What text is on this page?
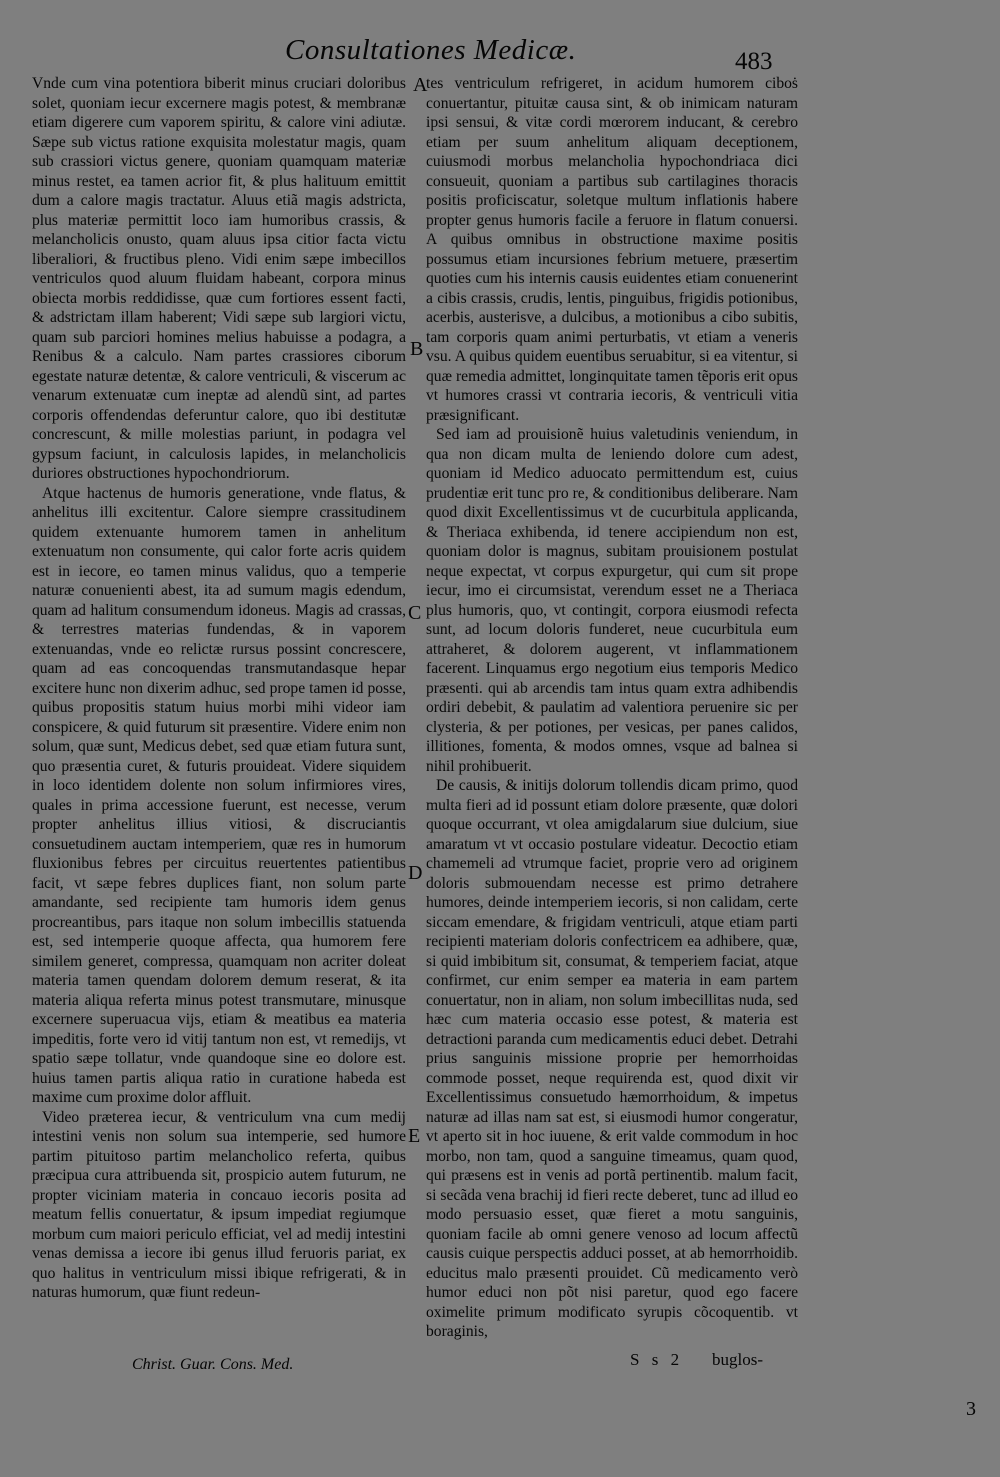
Consultationes Medicæ.	483

Vnde cum vina potentiora biberit minus cruciari doloribus solet, quoniam iecur excernere magis potest, & membranæ etiam digerere cum vaporem spiritu, & calore vini adiutæ. Sæpe sub victus ratione exquisita molestatur magis, quam sub crassiori victus genere, quoniam quamquam materiæ minus restet, ea tamen acrior fit, & plus halituum emittit dum a calore magis tractatur. Aluus etiã magis adstricta, plus materiæ permittit loco iam humoribus crassis, & melancholicis onusto, quam aluus ipsa citior facta victu liberaliori, & fructibus pleno. Vidi enim sæpe imbecillos ventriculos quod aluum fluidam habeant, corpora minus obiecta morbis reddidisse, quæ cum fortiores essent facti, & adstrictam illam haberent; Vidi sæpe sub largiori victu, quam sub parciori homines melius habuisse a podagra, a Renibus & a calculo. Nam partes crassiores ciborum egestate naturæ detentæ, & calore ventriculi, & viscerum ac venarum extenuatæ cum ineptæ ad alendũ sint, ad partes corporis offendendas deferuntur calore, quo ibi destitutæ concrescunt, & mille molestias pariunt, in podagra vel gypsum faciunt, in calculosis lapides, in melancholicis duriores obstructiones hypochondriorum.

Atque hactenus de humoris generatione, vnde flatus, & anhelitus illi excitentur. Calore siempre crassitudinem quidem extenuante humorem tamen in anhelitum extenuatum non consumente, qui calor forte acris quidem est in iecore, eo tamen minus validus, quo a temperie naturæ conuenienti abest, ita ad sumum magis edendum, quam ad halitum consumendum idoneus. Magis ad crassas, & terrestres materias fundendas, & in vaporem extenuandas, vnde eo relictæ rursus possint concrescere, quam ad eas concoquendas transmutandasque hepar excitere hunc non dixerim adhuc, sed prope tamen id posse, quibus propositis statum huius morbi mihi videor iam conspicere, & quid futurum sit præsentire. Videre enim non solum, quæ sunt, Medicus debet, sed quæ etiam futura sunt, quo præsentia curet, & futuris prouideat. Videre siquidem in loco identidem dolente non solum infirmiores vires, quales in prima accessione fuerunt, est necesse, verum propter anhelitus illius vitiosi, & discruciantis consuetudinem auctam intemperiem, quæ res in humorum fluxionibus febres per circuitus reuertentes patientibus facit, vt sæpe febres duplices fiant, non solum parte amandante, sed recipiente tam humoris idem genus procreantibus, pars itaque non solum imbecillis statuenda est, sed intemperie quoque affecta, qua humorem fere similem generet, compressa, quamquam non acriter doleat materia tamen quendam dolorem demum reserat, & ita materia aliqua referta minus potest transmutare, minusque excernere superuacua vijs, etiam & meatibus ea materia impeditis, forte vero id vitij tantum non est, vt remedijs, vt spatio sæpe tollatur, vnde quandoque sine eo dolore est. huius tamen partis aliqua ratio in curatione habeda est maxime cum proxime dolor affluit.

Video præterea iecur, & ventriculum vna cum medij intestini venis non solum sua intemperie, sed humore partim pituitoso partim melancholico referta, quibus præcipua cura attribuenda sit, prospicio autem futurum, ne propter viciniam materia in concauo iecoris posita ad meatum fellis conuertatur, & ipsum impediat regiumque morbum cum maiori periculo efficiat, vel ad medij intestini venas demissa a iecore ibi genus illud feruoris pariat, ex quo halitus in ventriculum missi ibique refrigerati, & in naturas humorum, quæ fiunt redeun-

A
B
C
D
E

tes ventriculum refrigeret, in acidum humorem ciboṡ conuertantur, pituitæ causa sint, & ob inimicam naturam ipsi sensui, & vitæ cordi mœrorem inducant, & cerebro etiam per suum anhelitum aliquam deceptionem, cuiusmodi morbus melancholia hypochondriaca dici consueuit, quoniam a partibus sub cartilagines thoracis positis proficiscatur, soletque multum inflationis habere propter genus humoris facile a feruore in flatum conuersi. A quibus omnibus in obstructione maxime positis possumus etiam incursiones febrium metuere, præsertim quoties cum his internis causis euidentes etiam conuenerint a cibis crassis, crudis, lentis, pinguibus, frigidis potionibus, acerbis, austerisve, a dulcibus, a motionibus a cibo subitis, tam corporis quam animi perturbatis, vt etiam a veneris vsu. A quibus quidem euentibus seruabitur, si ea vitentur, si quæ remedia admittet, longinquitate tamen tẽporis erit opus vt humores crassi vt contraria iecoris, & ventriculi vitia præsignificant.

Sed iam ad prouisionẽ huius valetudinis veniendum, in qua non dicam multa de leniendo dolore cum adest, quoniam id Medico aduocato permittendum est, cuius prudentiæ erit tunc pro re, & conditionibus deliberare. Nam quod dixit Excellentissimus vt de cucurbitula applicanda, & Theriaca exhibenda, id tenere accipiendum non est, quoniam dolor is magnus, subitam prouisionem postulat neque expectat, vt corpus expurgetur, qui cum sit prope iecur, imo ei circumsistat, verendum esset ne a Theriaca plus humoris, quo, vt contingit, corpora eiusmodi refecta sunt, ad locum doloris funderet, neue cucurbitula eum attraheret, & dolorem augerent, vt inflammationem facerent. Linquamus ergo negotium eius temporis Medico præsenti. qui ab arcendis tam intus quam extra adhibendis ordiri debebit, & paulatim ad valentiora peruenire sic per clysteria, & per potiones, per vesicas, per panes calidos, illitiones, fomenta, & modos omnes, vsque ad balnea si nihil prohibuerit.

De causis, & initijs dolorum tollendis dicam primo, quod multa fieri ad id possunt etiam dolore præsente, quæ dolori quoque occurrant, vt olea amigdalarum siue dulcium, siue amaratum vt vt occasio postulare videatur. Decoctio etiam chamemeli ad vtrumque faciet, proprie vero ad originem doloris submouendam necesse est primo detrahere humores, deinde intemperiem iecoris, si non calidam, certe siccam emendare, & frigidam ventriculi, atque etiam parti recipienti materiam doloris confectricem ea adhibere, quæ, si quid imbibitum sit, consumat, & temperiem faciat, atque confirmet, cur enim semper ea materia in eam partem conuertatur, non in aliam, non solum imbecillitas nuda, sed hæc cum materia occasio esse potest, & materia est detractioni paranda cum medicamentis educi debet. Detrahi prius sanguinis missione proprie per hemorrhoidas commode posset, neque requirenda est, quod dixit vir Excellentissimus consuetudo hæmorrhoidum, & impetus naturæ ad illas nam sat est, si eiusmodi humor congeratur, vt aperto sit in hoc iuuene, & erit valde commodum in hoc morbo, non tam, quod a sanguine timeamus, quam quod, qui præsens est in venis ad portã pertinentib. malum facit, si secãda vena brachij id fieri recte deberet, tunc ad illud eo modo persuasio esset, quæ fieret a motu sanguinis, quoniam facile ab omni genere venoso ad locum affectũ causis cuique perspectis adduci posset, at ab hemorrhoidib. educitus malo præsenti prouidet. Cũ medicamento verò humor educi non põt nisi paretur, quod ego facere oximelite primum modificato syrupis cõcoquentib. vt boraginis,

Christ. Guar. Cons. Med.	S s 2 buglos-
3
